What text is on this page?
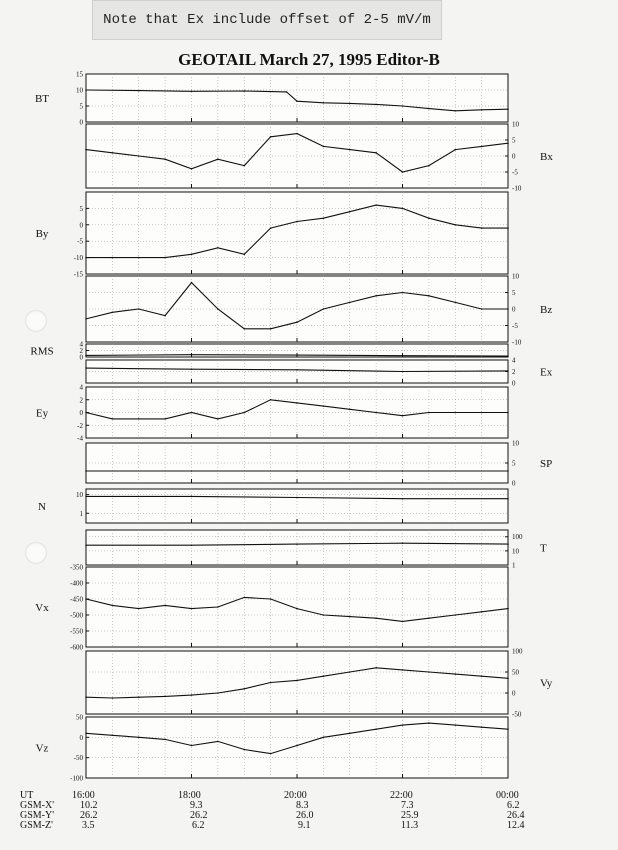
Note that Ex include offset of 2-5 mV/m
GEOTAIL March 27, 1995 Editor-B
0
5
10
15
BT
-10
-5
0
5
10
Bx
-15
-10
-5
0
5
By
-10
-5
0
5
10
Bz
0
2
4
RMS
0
2
4
Ex
-4
-2
0
2
4
Ey
0
5
10
SP
1
10
N
1
10
100
T
-600
-550
-500
-450
-400
-350
Vx
-50
0
50
100
Vy
-100
-50
0
50
Vz
UT	16:00	18:00	20:00	22:00	00:00
GSM-X'	10.2	9.3	8.3	7.3	6.2
GSM-Y'	26.2	26.2	26.0	25.9	26.4
GSM-Z'	3.5	6.2	9.1	11.3	12.4
